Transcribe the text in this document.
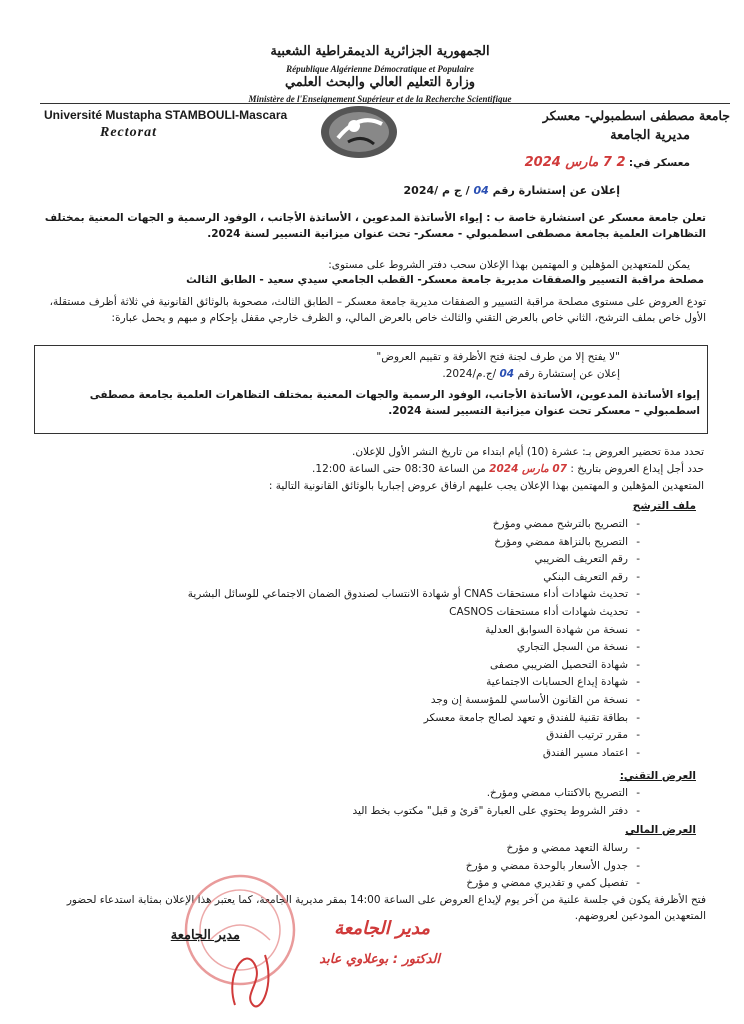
الجمهورية الجزائرية الديمقراطية الشعبية
République Algérienne Démocratique et Populaire
وزارة التعليم العالي والبحث العلمي
Ministère de l'Enseignement Supérieur et de la Recherche Scientifique
Université Mustapha STAMBOULI-Mascara
Rectorat
جامعة مصطفى اسطمبولي- معسكر
مديرية الجامعة
معسكر في: 2 7 مارس 2024
إعلان عن إستشارة رقم 04 / ج م /2024
تعلن جامعة معسكر عن استشارة خاصة ب : إيواء الأساتذة المدعوين ، الأساتذة الأجانب ، الوفود الرسمية و الجهات المعنية بمختلف التظاهرات العلمية بجامعة مصطفى اسطمبولي - معسكر- تحت عنوان ميزانية التسيير لسنة 2024.
يمكن للمتعهدين المؤهلين و المهتمين بهذا الإعلان سحب دفتر الشروط على مستوى:
مصلحة مراقبة التسيير والصفقات مديرية جامعة معسكر- القطب الجامعي سيدي سعيد - الطابق الثالث
تودع العروض على مستوى مصلحة مراقبة التسيير و الصفقات مديرية جامعة معسكر – الطابق الثالث، مصحوبة بالوثائق القانونية في ثلاثة أظرف مستقلة، الأول خاص بملف الترشح، الثاني خاص بالعرض التقني والثالث خاص بالعرض المالي، و الظرف خارجي مقفل بإحكام و مبهم و يحمل عبارة:
"لا يفتح إلا من طرف لجنة فتح الأظرفة و تقييم العروض"
إعلان عن إستشارة رقم 04 /ج.م/2024.
إيواء الأساتذة المدعوين، الأساتذة الأجانب، الوفود الرسمية والجهات المعنية بمختلف التظاهرات العلمية بجامعة مصطفى اسطمبولي – معسكر تحت عنوان ميزانية التسيير لسنة 2024.
تحدد مدة تحضير العروض بـ: عشرة (10) أيام ابتداء من تاريخ النشر الأول للإعلان.
حدد أجل إيداع العروض بتاريخ : 07 مارس 2024 من الساعة 08:30 حتى الساعة 12:00.
المتعهدين المؤهلين و المهتمين بهذا الإعلان يجب عليهم ارفاق عروض إجباريا بالوثائق القانونية التالية :
ملف الترشح
- التصريح بالترشح ممضي ومؤرخ
- التصريح بالنزاهة ممضي ومؤرخ
- رقم التعريف الضريبي
- رقم التعريف البنكي
- تحديث شهادات أداء مستحقات CNAS أو شهادة الانتساب لصندوق الضمان الاجتماعي للوسائل البشرية
- تحديث شهادات أداء مستحقات CASNOS
- نسخة من شهادة السوابق العدلية
- نسخة من السجل التجاري
- شهادة التحصيل الضريبي مصفى
- شهادة إيداع الحسابات الاجتماعية
- نسخة من القانون الأساسي للمؤسسة إن وجد
- بطاقة تقنية للفندق و تعهد لصالح جامعة معسكر
- مقرر ترتيب الفندق
- اعتماد مسير الفندق
العرض التقني:
- التصريح بالاكتتاب ممضي ومؤرخ.
- دفتر الشروط يحتوي على العبارة "قرئ و قبل" مكتوب بخط اليد
العرض المالي
- رسالة التعهد ممضي و مؤرخ
- جدول الأسعار بالوحدة ممضي و مؤرخ
- تفصيل كمي و تقديري ممضي و مؤرخ
فتح الأظرفة يكون في جلسة علنية من آخر يوم لإيداع العروض على الساعة 14:00 بمقر مديرية الجامعة، كما يعتبر هذا الإعلان بمثابة استدعاء لحضور المتعهدين المودعين لعروضهم.
مدير الجامعة
مدير الجامعة
الدكتور : بوعلاوي عابد
